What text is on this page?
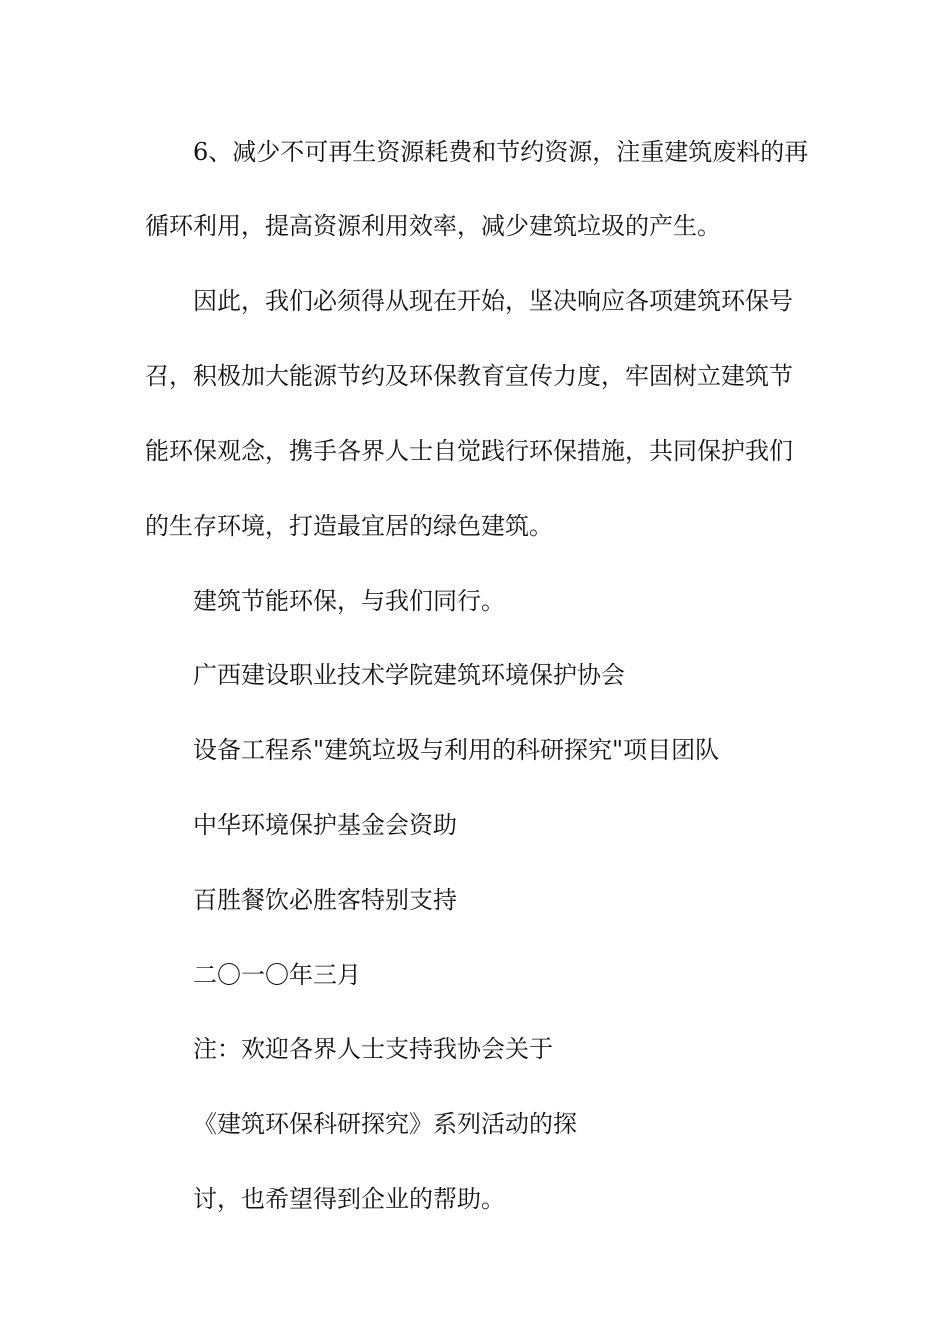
6、减少不可再生资源耗费和节约资源，注重建筑废料的再
循环利用，提高资源利用效率，减少建筑垃圾的产生。
因此，我们必须得从现在开始，坚决响应各项建筑环保号
召，积极加大能源节约及环保教育宣传力度，牢固树立建筑节
能环保观念，携手各界人士自觉践行环保措施，共同保护我们
的生存环境，打造最宜居的绿色建筑。
建筑节能环保，与我们同行。
广西建设职业技术学院建筑环境保护协会
设备工程系"建筑垃圾与利用的科研探究"项目团队
中华环境保护基金会资助
百胜餐饮必胜客特别支持
二〇一〇年三月
注：欢迎各界人士支持我协会关于
《建筑环保科研探究》系列活动的探
讨，也希望得到企业的帮助。
